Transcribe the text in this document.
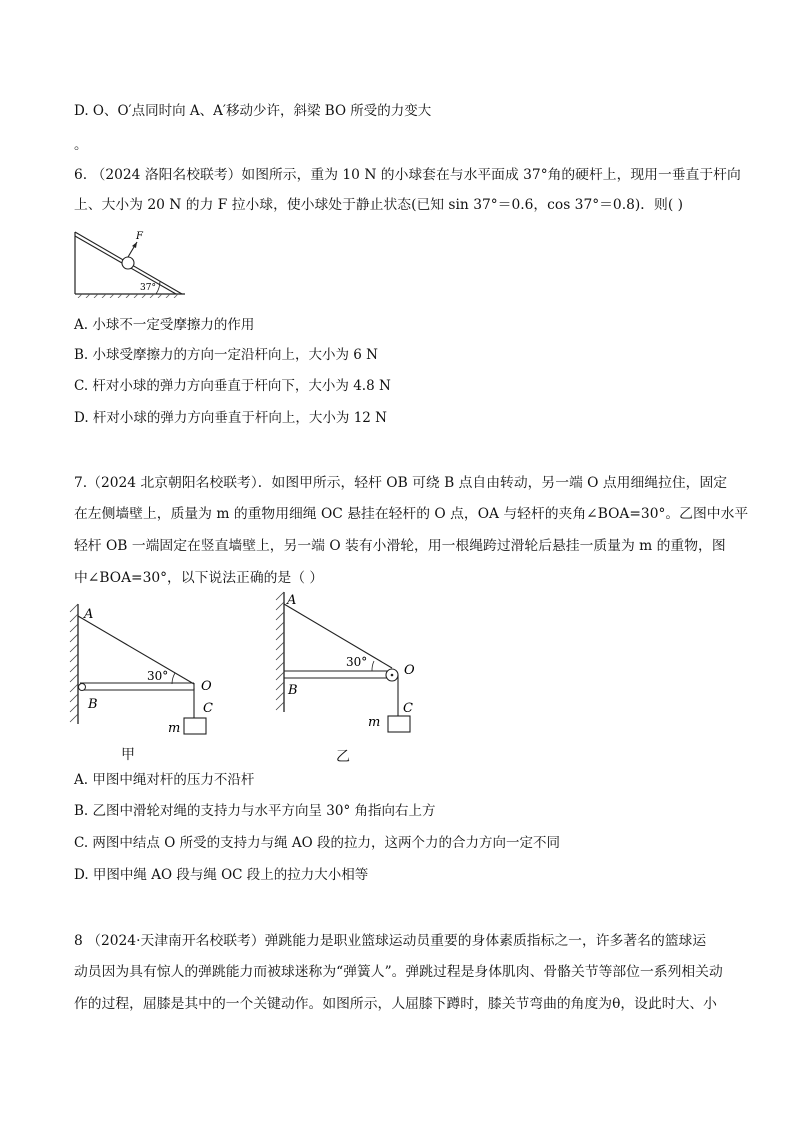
D. O、O′点同时向 A、A′移动少许，斜梁 BO 所受的力变大
。
6. （2024 洛阳名校联考）如图所示，重为 10 N 的小球套在与水平面成 37°角的硬杆上，现用一垂直于杆向
上、大小为 20 N 的力 F 拉小球，使小球处于静止状态(已知 sin 37°＝0.6，cos 37°＝0.8)．则( )
F
37°
A. 小球不一定受摩擦力的作用
B. 小球受摩擦力的方向一定沿杆向上，大小为 6 N
C. 杆对小球的弹力方向垂直于杆向下，大小为 4.8 N
D. 杆对小球的弹力方向垂直于杆向上，大小为 12 N
7.（2024 北京朝阳名校联考）．如图甲所示，轻杆 OB 可绕 B 点自由转动，另一端 O 点用细绳拉住，固定
在左侧墙壁上，质量为 m 的重物用细绳 OC 悬挂在轻杆的 O 点，OA 与轻杆的夹角∠BOA=30°。乙图中水平
轻杆 OB 一端固定在竖直墙壁上，另一端 O 装有小滑轮，用一根绳跨过滑轮后悬挂一质量为 m 的重物，图
中∠BOA=30°，以下说法正确的是（ ）
A
B
O
C
m
30°
甲
A
B
O
C
m
30°
乙
A. 甲图中绳对杆的压力不沿杆
B. 乙图中滑轮对绳的支持力与水平方向呈 30° 角指向右上方
C. 两图中结点 O 所受的支持力与绳 AO 段的拉力，这两个力的合力方向一定不同
D. 甲图中绳 AO 段与绳 OC 段上的拉力大小相等
8 （2024·天津南开名校联考）弹跳能力是职业篮球运动员重要的身体素质指标之一，许多著名的篮球运
动员因为具有惊人的弹跳能力而被球迷称为“弹簧人”。弹跳过程是身体肌肉、骨骼关节等部位一系列相关动
作的过程，屈膝是其中的一个关键动作。如图所示，人屈膝下蹲时，膝关节弯曲的角度为θ，设此时大、小
